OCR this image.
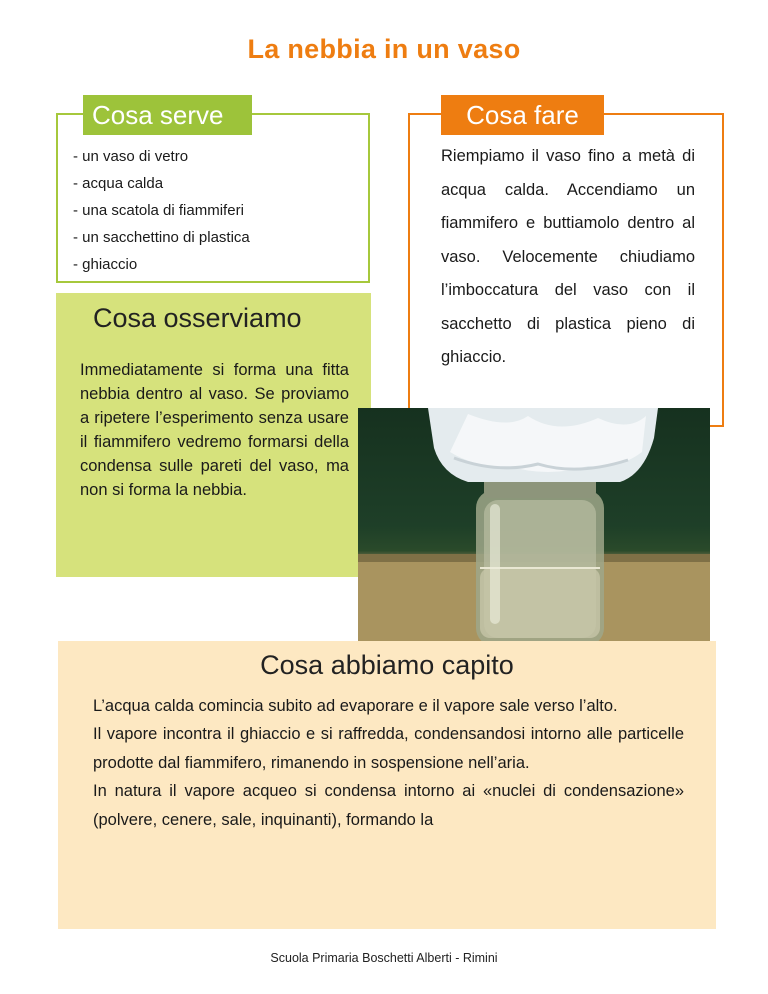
La nebbia in un vaso
Cosa serve
- un vaso di vetro
- acqua calda
- una scatola di fiammiferi
- un sacchettino di plastica
- ghiaccio
Cosa fare
Riempiamo il vaso fino a metà di acqua calda. Accendiamo un fiammifero e buttiamolo dentro al vaso. Velocemente chiudiamo l’imboccatura del vaso con il sacchetto di plastica pieno di ghiaccio.
Cosa osserviamo
Immediatamente si forma una fitta nebbia dentro al vaso. Se proviamo a ripetere l’esperimento senza usare il fiammifero vedremo formarsi della condensa sulle pareti del vaso, ma non si forma la nebbia.
Cosa abbiamo capito

L’acqua calda comincia subito ad evaporare e il vapore sale verso l’alto.

Il vapore incontra il ghiaccio e si raffredda, condensandosi intorno alle particelle prodotte dal fiammifero, rimanendo in sospensione nell’aria.

In natura il vapore acqueo si condensa intorno ai «nuclei di condensazione» (polvere, cenere, sale, inquinanti), formando la

Scuola Primaria Boschetti Alberti - Rimini
